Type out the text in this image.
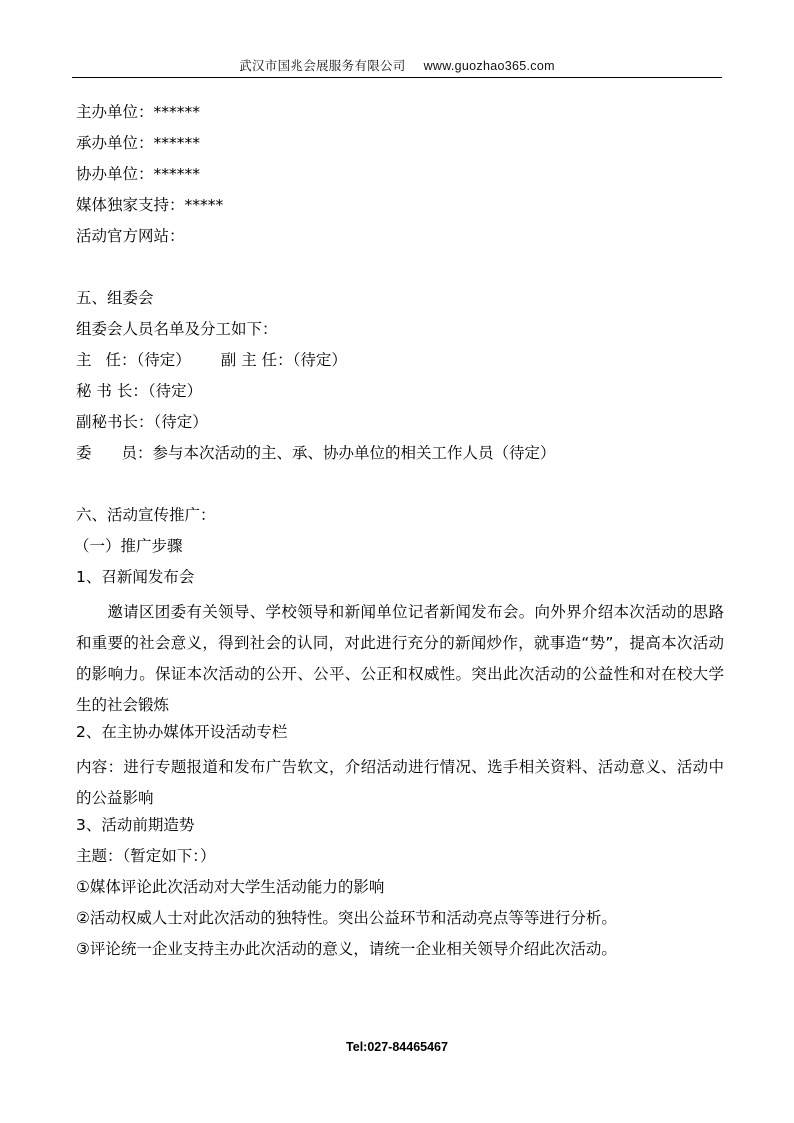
武汉市国兆会展服务有限公司 www.guozhao365.com
主办单位：******
承办单位：******
协办单位：******
媒体独家支持：*****
活动官方网站：
五、组委会
组委会人员名单及分工如下：
主 任：（待定） 副 主 任：（待定）
秘 书 长：（待定）
副秘书长：（待定）
委 员：参与本次活动的主、承、协办单位的相关工作人员（待定）
六、活动宣传推广：
（一）推广步骤
1、召新闻发布会
邀请区团委有关领导、学校领导和新闻单位记者新闻发布会。向外界介绍本次活动的思路和重要的社会意义，得到社会的认同，对此进行充分的新闻炒作，就事造“势”，提高本次活动的影响力。保证本次活动的公开、公平、公正和权威性。突出此次活动的公益性和对在校大学生的社会锻炼
2、在主协办媒体开设活动专栏
内容：进行专题报道和发布广告软文，介绍活动进行情况、选手相关资料、活动意义、活动中的公益影响
3、活动前期造势
主题：（暂定如下：）
①媒体评论此次活动对大学生活动能力的影响
②活动权威人士对此次活动的独特性。突出公益环节和活动亮点等等进行分析。
③评论统一企业支持主办此次活动的意义，请统一企业相关领导介绍此次活动。
Tel:027-84465467
